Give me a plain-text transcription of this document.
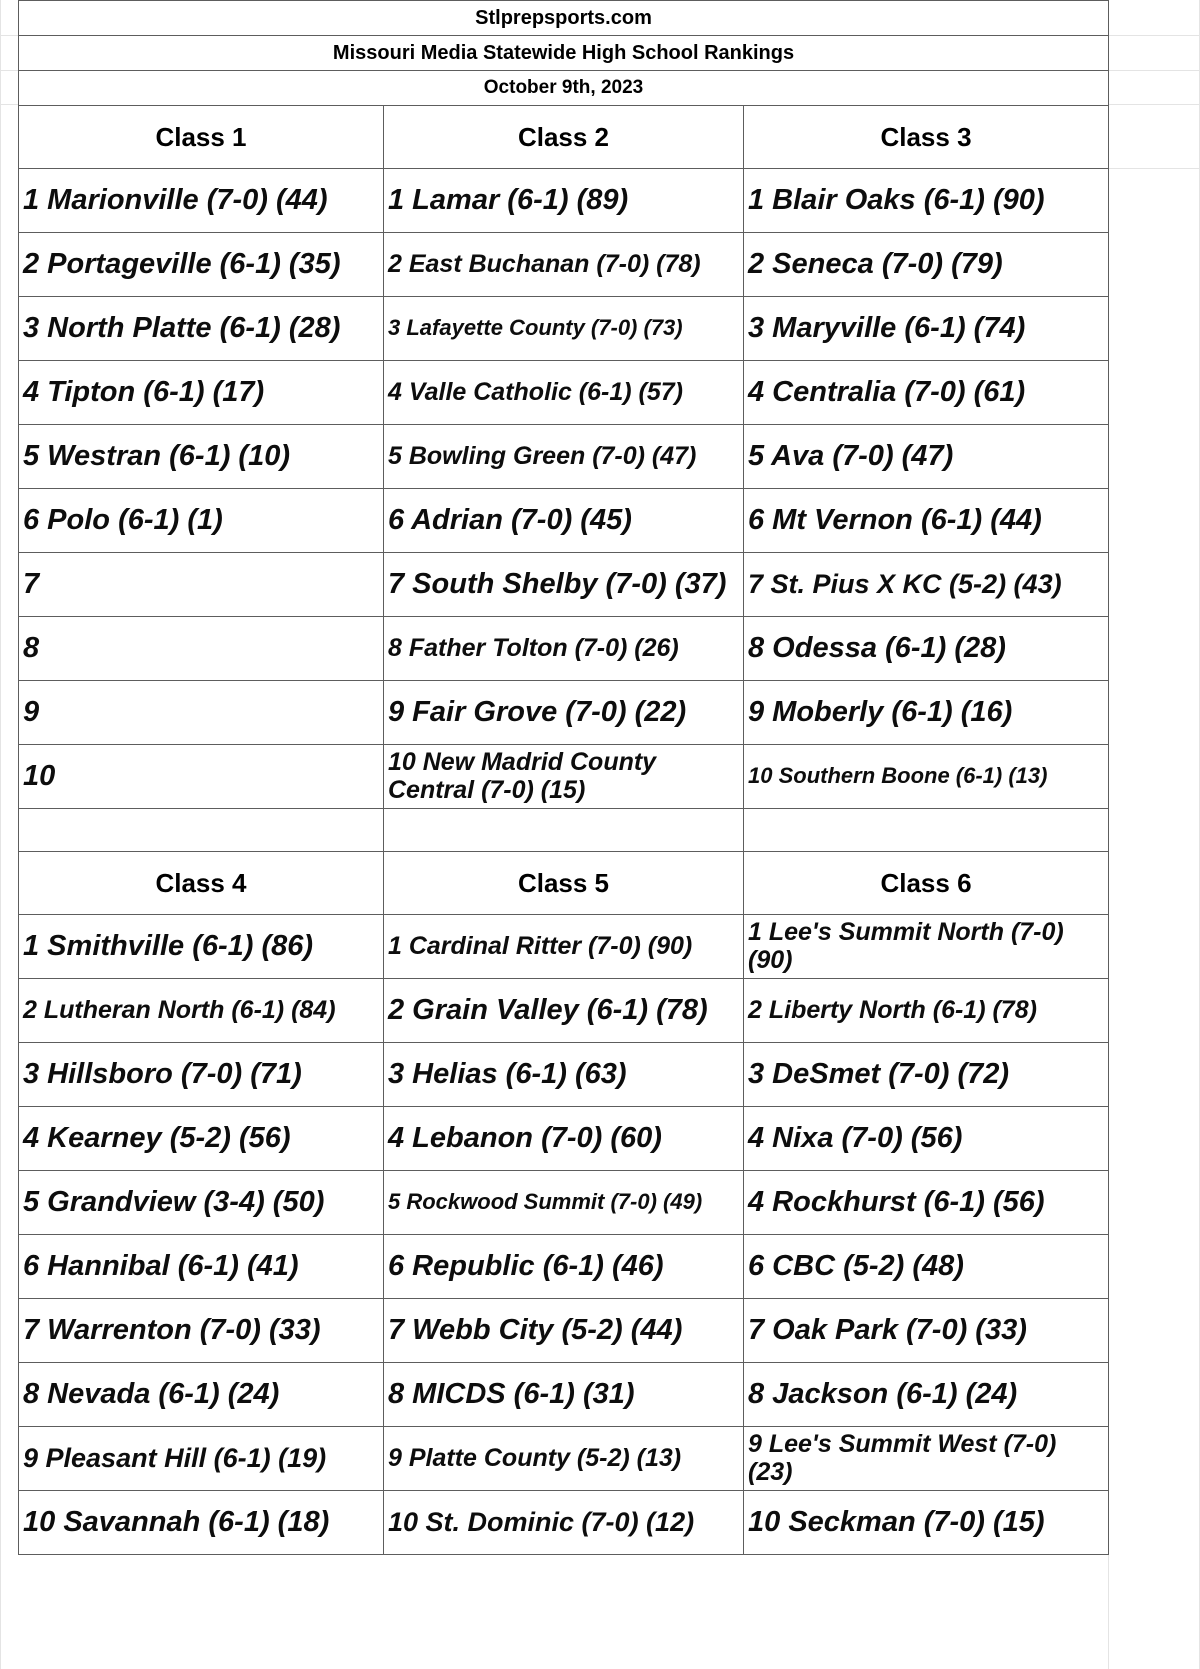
Stlprepsports.com		
Missouri Media Statewide High School Rankings		
October 9th, 2023		
Class 1	Class 2	Class 3
1 Marionville (7-0) (44)	1 Lamar (6-1) (89)	1 Blair Oaks (6-1) (90)
2 Portageville (6-1) (35)	2 East Buchanan (7-0) (78)	2 Seneca (7-0) (79)
3 North Platte (6-1) (28)	3 Lafayette County (7-0) (73)	3 Maryville (6-1) (74)
4 Tipton (6-1) (17)	4 Valle Catholic (6-1) (57)	4 Centralia (7-0) (61)
5 Westran (6-1) (10)	5 Bowling Green (7-0) (47)	5 Ava (7-0) (47)
6 Polo (6-1) (1)	6 Adrian (7-0) (45)	6 Mt Vernon (6-1) (44)
7	7 South Shelby (7-0) (37)	7 St. Pius X KC (5-2) (43)
8	8 Father Tolton (7-0) (26)	8 Odessa (6-1) (28)
9	9 Fair Grove (7-0) (22)	9 Moberly (6-1) (16)
10	10 New Madrid County Central (7-0) (15)	10 Southern Boone (6-1) (13)

Class 4	Class 5	Class 6
1 Smithville (6-1) (86)	1 Cardinal Ritter (7-0) (90)	1 Lee's Summit North (7-0) (90)
2 Lutheran North (6-1) (84)	2 Grain Valley (6-1) (78)	2 Liberty North (6-1) (78)
3 Hillsboro (7-0) (71)	3 Helias (6-1) (63)	3 DeSmet (7-0) (72)
4 Kearney (5-2) (56)	4 Lebanon (7-0) (60)	4 Nixa (7-0) (56)
5 Grandview (3-4) (50)	5 Rockwood Summit (7-0) (49)	4 Rockhurst (6-1) (56)
6 Hannibal (6-1) (41)	6 Republic (6-1) (46)	6 CBC (5-2) (48)
7 Warrenton (7-0) (33)	7 Webb City (5-2) (44)	7 Oak Park (7-0) (33)
8 Nevada (6-1) (24)	8 MICDS (6-1) (31)	8 Jackson (6-1) (24)
9 Pleasant Hill (6-1) (19)	9 Platte County (5-2) (13)	9 Lee's Summit West (7-0) (23)
10 Savannah (6-1) (18)	10 St. Dominic (7-0) (12)	10 Seckman (7-0) (15)
